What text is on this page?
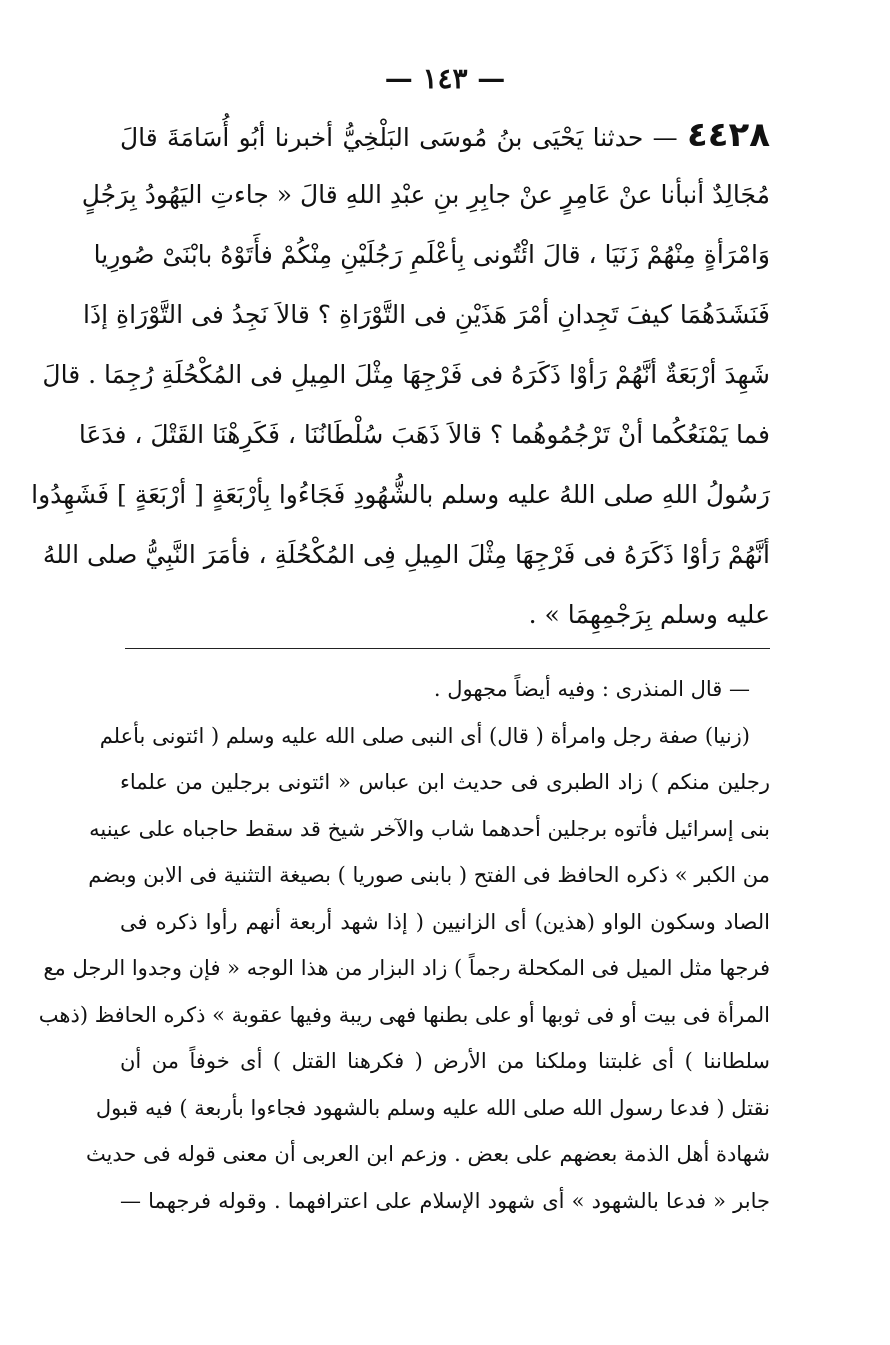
— ١٤٣ —
٤٤٢٨ — حدثنا يَحْيَى بنُ مُوسَى البَلْخِيُّ أخبرنا أبُو أُسَامَةَ قالَ
مُجَالِدٌ أنبأنا عنْ عَامِرٍ عنْ جابِرِ بنِ عبْدِ اللهِ قالَ « جاءتِ اليَهُودُ بِرَجُلٍ
وَامْرَأةٍ مِنْهُمْ زَنَيَا ، قالَ ائْتُونى بِأعْلَمِ رَجُلَيْنِ مِنْكُمْ فأَتَوْهُ بابْنَىْ صُورِيا
فَنَشَدَهُمَا كيفَ تَجِدانِ أمْرَ هَذَيْنِ فى التَّوْرَاةِ ؟ قالاَ نَجِدُ فى التَّوْرَاةِ إذَا
شَهِدَ أرْبَعَةٌ أنَّهُمْ رَأوْا ذَكَرَهُ فى فَرْجِهَا مِثْلَ المِيلِ فى المُكْحُلَةِ رُجِمَا . قالَ
فما يَمْنَعُكُما أنْ تَرْجُمُوهُما ؟ قالاَ ذَهَبَ سُلْطَانُنَا ، فَكَرِهْنَا القَتْلَ ، فدَعَا
رَسُولُ اللهِ صلى اللهُ عليه وسلم بالشُّهُودِ فَجَاءُوا بِأرْبَعَةٍ [ أرْبَعَةٍ ] فَشَهِدُوا
أنَّهُمْ رَأوْا ذَكَرَهُ فى فَرْجِهَا مِثْلَ المِيلِ فِى المُكْحُلَةِ ، فأمَرَ النَّبِيُّ صلى اللهُ
عليه وسلم بِرَجْمِهِمَا » .
— قال المنذرى : وفيه أيضاً مجهول .
(زنيا) صفة رجل وامرأة ( قال) أى النبى صلى الله عليه وسلم ( ائتونى بأعلم
رجلين منكم ) زاد الطبرى فى حديث ابن عباس « ائتونى برجلين من علماء
بنى إسرائيل فأتوه برجلين أحدهما شاب والآخر شيخ قد سقط حاجباه على عينيه
من الكبر » ذكره الحافظ فى الفتح ( بابنى صوريا ) بصيغة التثنية فى الابن وبضم
الصاد وسكون الواو (هذين) أى الزانيين ( إذا شهد أربعة أنهم رأوا ذكره فى
فرجها مثل الميل فى المكحلة رجماً ) زاد البزار من هذا الوجه « فإن وجدوا الرجل مع
المرأة فى بيت أو فى ثوبها أو على بطنها فهى ريبة وفيها عقوبة » ذكره الحافظ (ذهب
سلطاننا ) أى غلبتنا وملكنا من الأرض ( فكرهنا القتل ) أى خوفاً من أن
نقتل ( فدعا رسول الله صلى الله عليه وسلم بالشهود فجاءوا بأربعة ) فيه قبول
شهادة أهل الذمة بعضهم على بعض . وزعم ابن العربى أن معنى قوله فى حديث
جابر « فدعا بالشهود » أى شهود الإسلام على اعترافهما . وقوله فرجهما —
